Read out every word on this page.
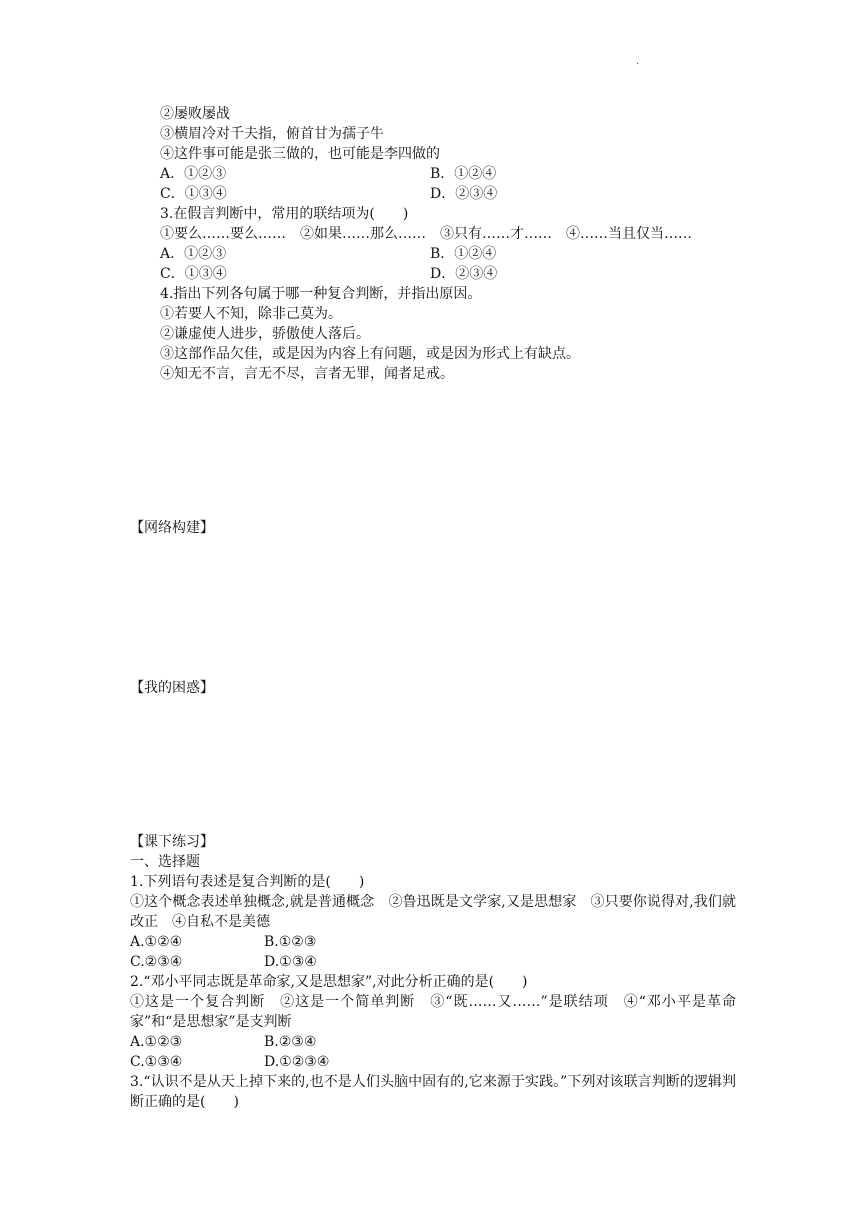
.

②屡败屡战

③横眉冷对千夫指，俯首甘为孺子牛

④这件事可能是张三做的，也可能是李四做的

A．①②③	B．①②④
C．①③④	D．②③④

3.在假言判断中，常用的联结项为(　　)

①要么……要么……　②如果……那么……　③只有……才……　④……当且仅当……

A．①②③	B．①②④
C．①③④	D．②③④

4.指出下列各句属于哪一种复合判断，并指出原因。

①若要人不知，除非己莫为。

②谦虚使人进步，骄傲使人落后。

③这部作品欠佳，或是因为内容上有问题，或是因为形式上有缺点。

④知无不言，言无不尽，言者无罪，闻者足戒。

【网络构建】

【我的困惑】

【课下练习】

一、选择题

1.下列语句表述是复合判断的是(　　)

①这个概念表述单独概念,就是普通概念　②鲁迅既是文学家,又是思想家　③只要你说得对,我们就改正　④自私不是美德

A.①②④	B.①②③
C.②③④	D.①③④

2.“邓小平同志既是革命家,又是思想家”,对此分析正确的是(　　)

①这是一个复合判断　②这是一个简单判断　③“既……又……”是联结项　④“邓小平是革命家”和“是思想家”是支判断

A.①②③	B.②③④
C.①③④	D.①②③④

3.“认识不是从天上掉下来的,也不是人们头脑中固有的,它来源于实践。”下列对该联言判断的逻辑判断正确的是(　　)
